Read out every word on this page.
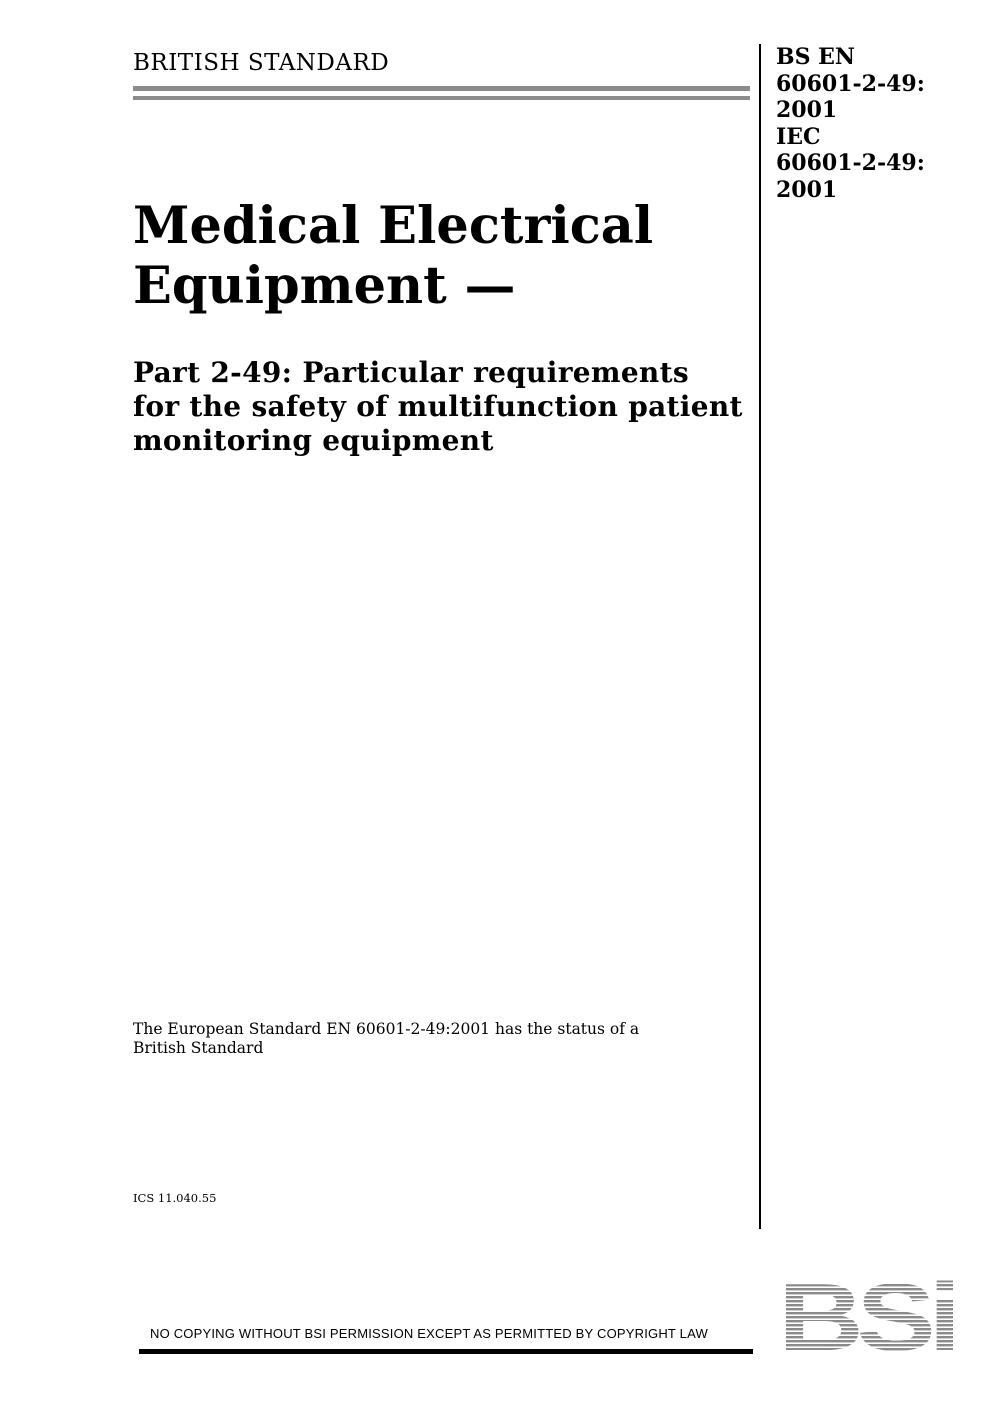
BRITISH STANDARD	BS EN
60601-2-49:
2001
IEC
60601-2-49:
2001
Medical Electrical
Equipment —
Part 2-49: Particular requirements for the safety of multifunction patient monitoring equipment
The European Standard EN 60601-2-49:2001 has the status of a
British Standard
ICS 11.040.55
NO COPYING WITHOUT BSI PERMISSION EXCEPT AS PERMITTED BY COPYRIGHT LAW BSi
